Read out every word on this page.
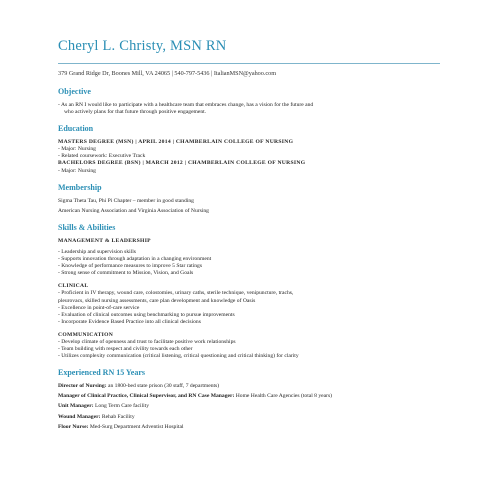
Cheryl L. Christy, MSN RN
379 Grand Ridge Dr, Boones Mill, VA 24065 | 540-797-5436 | ItalianMSN@yahoo.com
Objective
- As an RN I would like to participate with a healthcare team that embraces change, has a vision for the future and
who actively plans for that future through positive engagement.
Education
MASTERS DEGREE (MSN) | APRIL 2014 | CHAMBERLAIN COLLEGE OF NURSING
- Major: Nursing
- Related coursework: Executive Track
BACHELORS DEGREE (BSN) | MARCH 2012 | CHAMBERLAIN COLLEGE OF NURSING
- Major: Nursing
Membership
Sigma Theta Tau, Phi Pi Chapter – member in good standing
American Nursing Association and Virginia Association of Nursing
Skills & Abilities
MANAGEMENT & LEADERSHIP
- Leadership and supervision skills
- Supports innovation through adaptation in a changing environment
- Knowledge of performance measures to improve 5 Star ratings
- Strong sense of commitment to Mission, Vision, and Goals
CLINICAL
- Proficient in IV therapy, wound care, colostomies, urinary caths, sterile technique, venipuncture, trachs,
pleurovacs, skilled nursing assessments, care plan development and knowledge of Oasis
- Excellence in point-of-care service
- Evaluation of clinical outcomes using benchmarking to pursue improvements
- Incorporate Evidence Based Practice into all clinical decisions
COMMUNICATION
- Develop climate of openness and trust to facilitate positive work relationships
- Team building with respect and civility towards each other
- Utilizes complexity communication (critical listening, critical questioning and critical thinking) for clarity
Experienced RN 15 Years
Director of Nursing: an 1800-bed state prison (30 staff, 7 departments)
Manager of Clinical Practice, Clinical Supervisor, and RN Case Manager: Home Health Care Agencies (total 8 years)
Unit Manager: Long Term Care facility
Wound Manager: Rehab Facility
Floor Nurse: Med-Surg Department Adventist Hospital
